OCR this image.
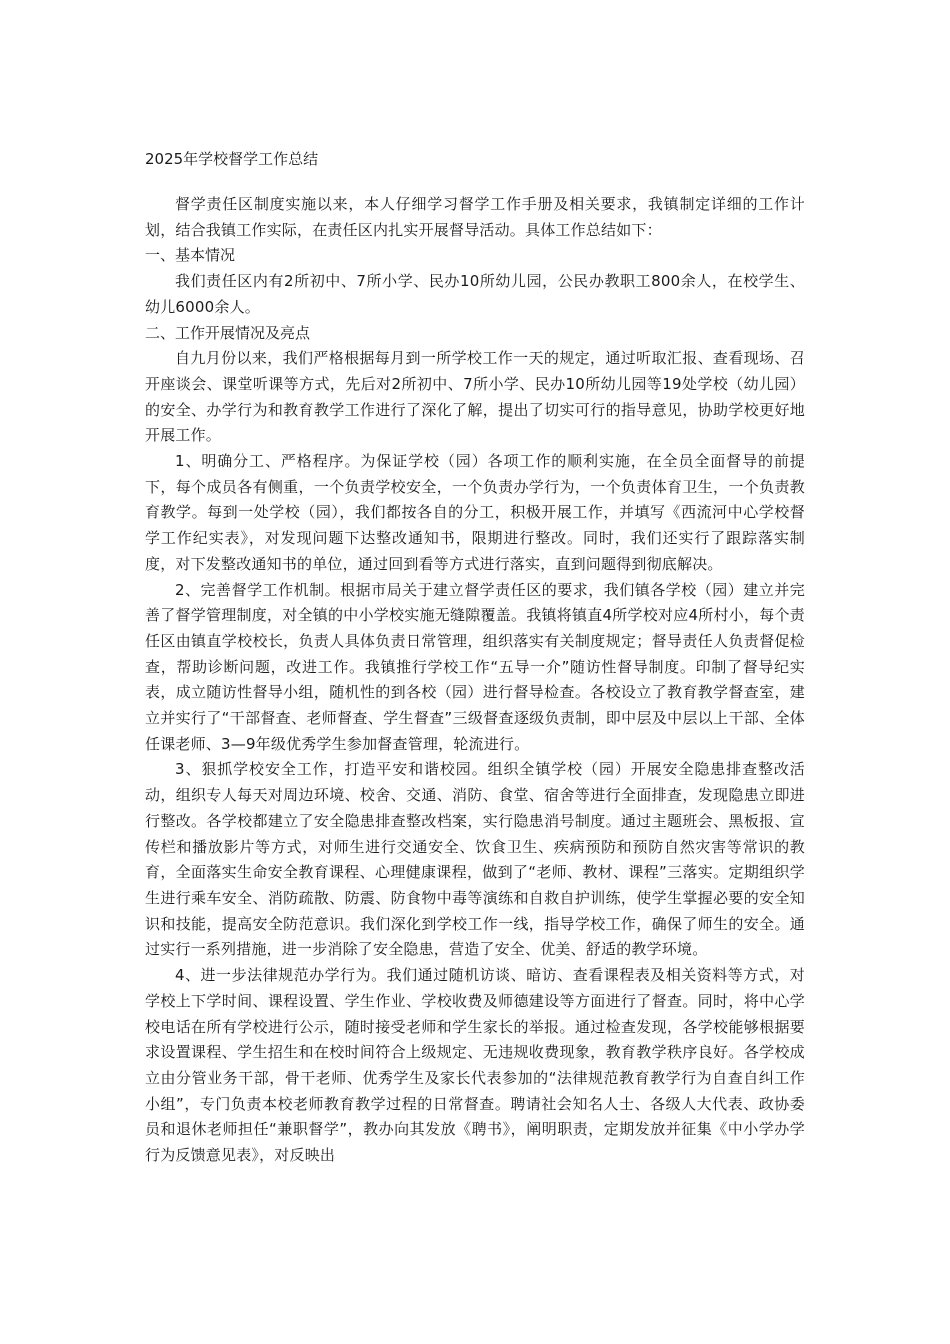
2025年学校督学工作总结

督学责任区制度实施以来，本人仔细学习督学工作手册及相关要求，我镇制定详细的工作计划，结合我镇工作实际，在责任区内扎实开展督导活动。具体工作总结如下：

一、基本情况

我们责任区内有2所初中、7所小学、民办10所幼儿园，公民办教职工800余人，在校学生、幼儿6000余人。

二、工作开展情况及亮点

自九月份以来，我们严格根据每月到一所学校工作一天的规定，通过听取汇报、查看现场、召开座谈会、课堂听课等方式，先后对2所初中、7所小学、民办10所幼儿园等19处学校（幼儿园）的安全、办学行为和教育教学工作进行了深化了解，提出了切实可行的指导意见，协助学校更好地开展工作。

1、明确分工、严格程序。为保证学校（园）各项工作的顺利实施，在全员全面督导的前提下，每个成员各有侧重，一个负责学校安全，一个负责办学行为，一个负责体育卫生，一个负责教育教学。每到一处学校（园），我们都按各自的分工，积极开展工作，并填写《西流河中心学校督学工作纪实表》，对发现问题下达整改通知书，限期进行整改。同时，我们还实行了跟踪落实制度，对下发整改通知书的单位，通过回到看等方式进行落实，直到问题得到彻底解决。

2、完善督学工作机制。根据市局关于建立督学责任区的要求，我们镇各学校（园）建立并完善了督学管理制度，对全镇的中小学校实施无缝隙覆盖。我镇将镇直4所学校对应4所村小，每个责任区由镇直学校校长，负责人具体负责日常管理，组织落实有关制度规定；督导责任人负责督促检查，帮助诊断问题，改进工作。我镇推行学校工作“五导一介”随访性督导制度。印制了督导纪实表，成立随访性督导小组，随机性的到各校（园）进行督导检查。各校设立了教育教学督查室，建立并实行了“干部督查、老师督查、学生督查”三级督查逐级负责制，即中层及中层以上干部、全体任课老师、3—9年级优秀学生参加督查管理，轮流进行。

3、狠抓学校安全工作，打造平安和谐校园。组织全镇学校（园）开展安全隐患排查整改活动，组织专人每天对周边环境、校舍、交通、消防、食堂、宿舍等进行全面排查，发现隐患立即进行整改。各学校都建立了安全隐患排查整改档案，实行隐患消号制度。通过主题班会、黑板报、宣传栏和播放影片等方式，对师生进行交通安全、饮食卫生、疾病预防和预防自然灾害等常识的教育，全面落实生命安全教育课程、心理健康课程，做到了“老师、教材、课程”三落实。定期组织学生进行乘车安全、消防疏散、防震、防食物中毒等演练和自救自护训练，使学生掌握必要的安全知识和技能，提高安全防范意识。我们深化到学校工作一线，指导学校工作，确保了师生的安全。通过实行一系列措施，进一步消除了安全隐患，营造了安全、优美、舒适的教学环境。

4、进一步法律规范办学行为。我们通过随机访谈、暗访、查看课程表及相关资料等方式，对学校上下学时间、课程设置、学生作业、学校收费及师德建设等方面进行了督查。同时，将中心学校电话在所有学校进行公示，随时接受老师和学生家长的举报。通过检查发现，各学校能够根据要求设置课程、学生招生和在校时间符合上级规定、无违规收费现象，教育教学秩序良好。各学校成立由分管业务干部，骨干老师、优秀学生及家长代表参加的“法律规范教育教学行为自查自纠工作小组”，专门负责本校老师教育教学过程的日常督查。聘请社会知名人士、各级人大代表、政协委员和退休老师担任“兼职督学”，教办向其发放《聘书》，阐明职责，定期发放并征集《中小学办学行为反馈意见表》，对反映出
